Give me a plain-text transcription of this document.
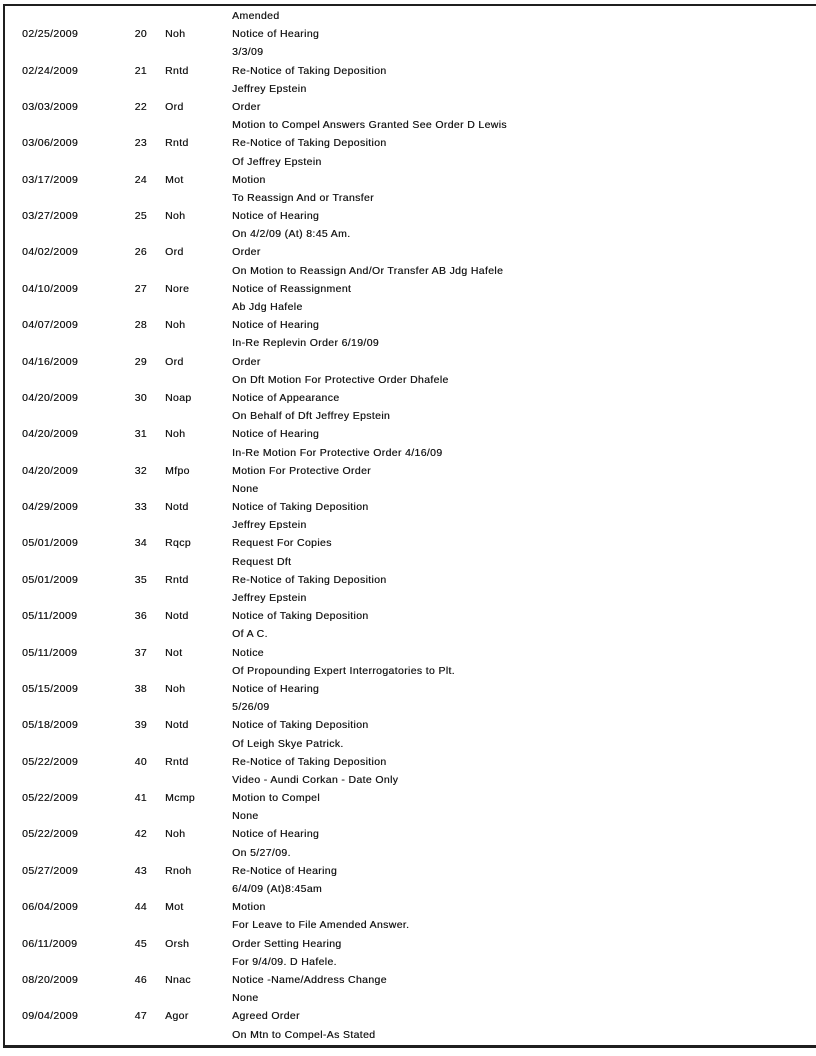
Amended
02/25/2009	20	Noh	Notice of Hearing
3/3/09
02/24/2009	21	Rntd	Re-Notice of Taking Deposition
Jeffrey Epstein
03/03/2009	22	Ord	Order
Motion to Compel Answers Granted See Order D Lewis
03/06/2009	23	Rntd	Re-Notice of Taking Deposition
Of Jeffrey Epstein
03/17/2009	24	Mot	Motion
To Reassign And or Transfer
03/27/2009	25	Noh	Notice of Hearing
On 4/2/09 (At) 8:45 Am.
04/02/2009	26	Ord	Order
On Motion to Reassign And/Or Transfer AB Jdg Hafele
04/10/2009	27	Nore	Notice of Reassignment
Ab Jdg Hafele
04/07/2009	28	Noh	Notice of Hearing
In-Re Replevin Order 6/19/09
04/16/2009	29	Ord	Order
On Dft Motion For Protective Order Dhafele
04/20/2009	30	Noap	Notice of Appearance
On Behalf of Dft Jeffrey Epstein
04/20/2009	31	Noh	Notice of Hearing
In-Re Motion For Protective Order 4/16/09
04/20/2009	32	Mfpo	Motion For Protective Order
None
04/29/2009	33	Notd	Notice of Taking Deposition
Jeffrey Epstein
05/01/2009	34	Rqcp	Request For Copies
Request Dft
05/01/2009	35	Rntd	Re-Notice of Taking Deposition
Jeffrey Epstein
05/11/2009	36	Notd	Notice of Taking Deposition
Of A C.
05/11/2009	37	Not	Notice
Of Propounding Expert Interrogatories to Plt.
05/15/2009	38	Noh	Notice of Hearing
5/26/09
05/18/2009	39	Notd	Notice of Taking Deposition
Of Leigh Skye Patrick.
05/22/2009	40	Rntd	Re-Notice of Taking Deposition
Video - Aundi Corkan - Date Only
05/22/2009	41	Mcmp	Motion to Compel
None
05/22/2009	42	Noh	Notice of Hearing
On 5/27/09.
05/27/2009	43	Rnoh	Re-Notice of Hearing
6/4/09 (At)8:45am
06/04/2009	44	Mot	Motion
For Leave to File Amended Answer.
06/11/2009	45	Orsh	Order Setting Hearing
For 9/4/09. D Hafele.
08/20/2009	46	Nnac	Notice -Name/Address Change
None
09/04/2009	47	Agor	Agreed Order
On Mtn to Compel-As Stated
